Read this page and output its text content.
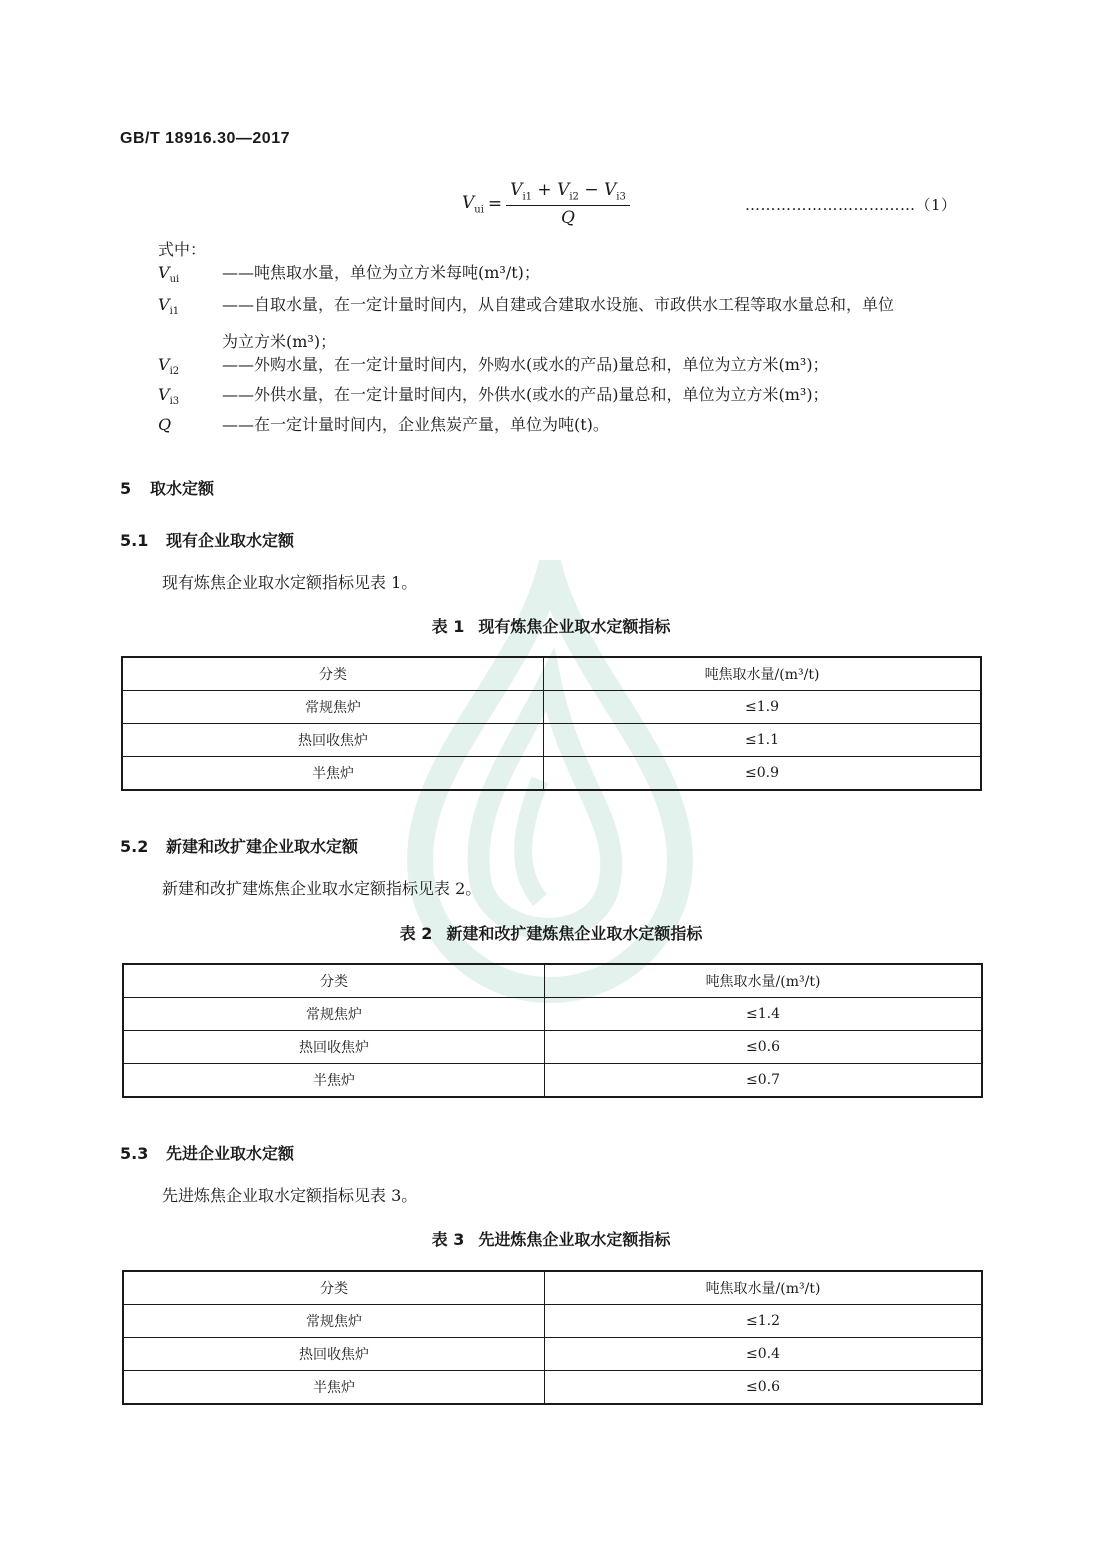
GB/T 18916.30—2017
$V_{ui} = \frac{V_{i1} + V_{i2} - V_{i3}}{Q}$	……………………………（1）
式中：
$V_{ui}$	——吨焦取水量，单位为立方米每吨(m³/t)；
$V_{i1}$	——自取水量，在一定计量时间内，从自建或合建取水设施、市政供水工程等取水量总和，单位
为立方米(m³)；
$V_{i2}$	——外购水量，在一定计量时间内，外购水(或水的产品)量总和，单位为立方米(m³)；
$V_{i3}$	——外供水量，在一定计量时间内，外供水(或水的产品)量总和，单位为立方米(m³)；
Q	——在一定计量时间内，企业焦炭产量，单位为吨(t)。
5 取水定额
5.1 现有企业取水定额
现有炼焦企业取水定额指标见表 1。
表 1 现有炼焦企业取水定额指标
分类	吨焦取水量/(m³/t)
常规焦炉	≤1.9
热回收焦炉	≤1.1
半焦炉	≤0.9
5.2 新建和改扩建企业取水定额
新建和改扩建炼焦企业取水定额指标见表 2。
表 2 新建和改扩建炼焦企业取水定额指标
分类	吨焦取水量/(m³/t)
常规焦炉	≤1.4
热回收焦炉	≤0.6
半焦炉	≤0.7
5.3 先进企业取水定额
先进炼焦企业取水定额指标见表 3。
表 3 先进炼焦企业取水定额指标
分类	吨焦取水量/(m³/t)
常规焦炉	≤1.2
热回收焦炉	≤0.4
半焦炉	≤0.6
